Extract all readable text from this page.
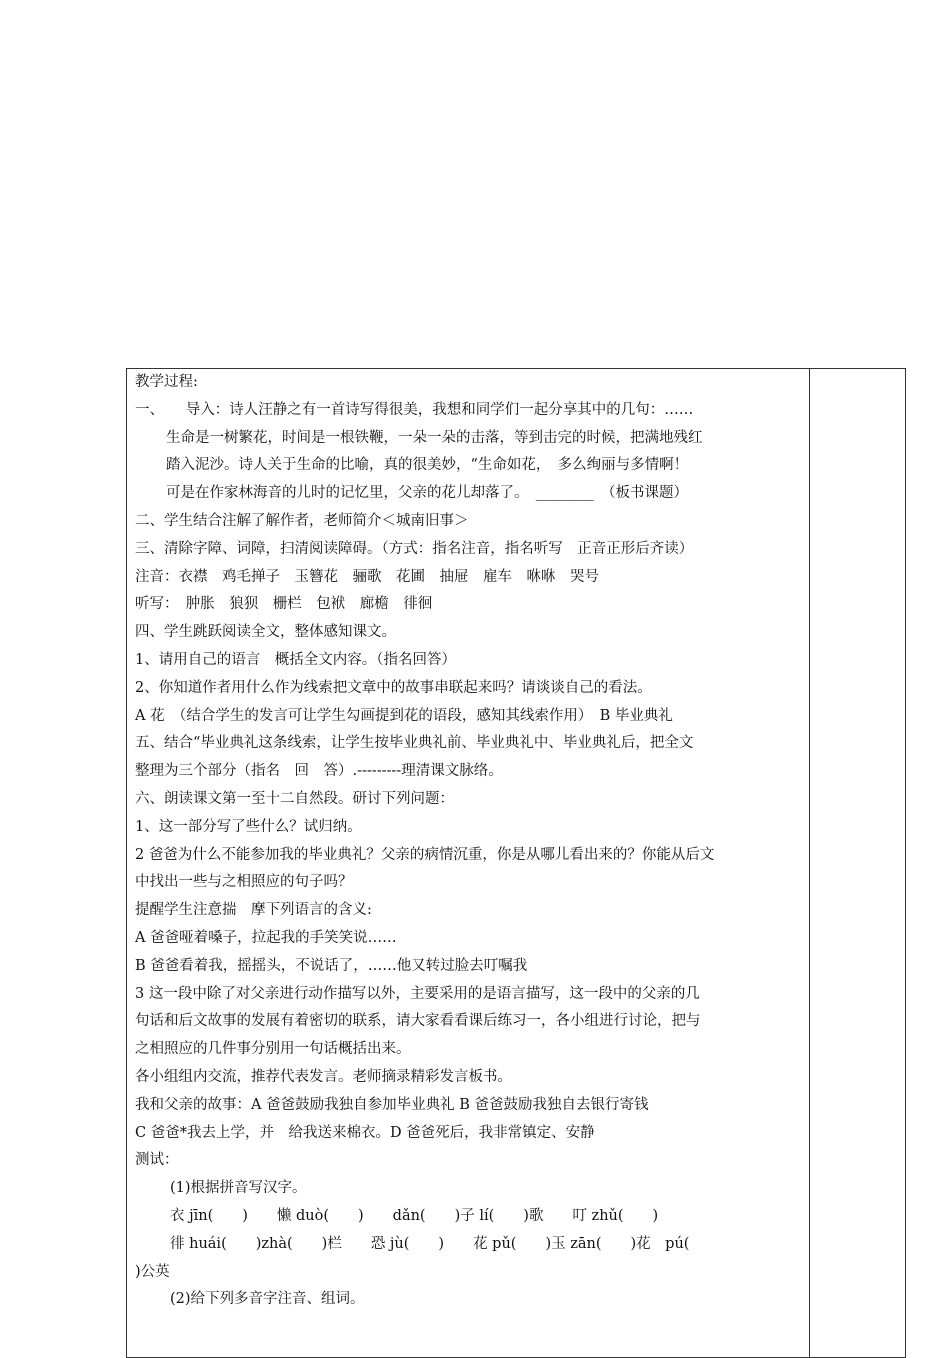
教学过程:
一、　　导入：诗人汪静之有一首诗写得很美，我想和同学们一起分享其中的几句：……
生命是一树繁花，时间是一根铁鞭，一朵一朵的击落，等到击完的时候，把满地残红
踏入泥沙。诗人关于生命的比喻，真的很美妙，“生命如花，　多么绚丽与多情啊！
可是在作家林海音的儿时的记忆里，父亲的花儿却落了。　________　（板书课题）
二、学生结合注解了解作者，老师简介＜城南旧事＞
三、清除字障、词障，扫清阅读障碍。（方式：指名注音，指名听写　正音正形后齐读）
注音：衣襟　鸡毛掸子　玉簪花　骊歌　花圃　抽屉　雇车　咻咻　哭号
听写：　肿胀　狼狈　栅栏　包袱　廊檐　徘徊
四、学生跳跃阅读全文，整体感知课文。
1、请用自己的语言　概括全文内容。（指名回答）
2、你知道作者用什么作为线索把文章中的故事串联起来吗？请谈谈自己的看法。
A 花　（结合学生的发言可让学生勾画提到花的语段，感知其线索作用）　B 毕业典礼
五、结合“毕业典礼这条线索，让学生按毕业典礼前、毕业典礼中、毕业典礼后，把全文
整理为三个部分（指名　回　答）.---------理清课文脉络。
六、朗读课文第一至十二自然段。研讨下列问题：
1、这一部分写了些什么？试归纳。
2 爸爸为什么不能参加我的毕业典礼？父亲的病情沉重，你是从哪儿看出来的？你能从后文
中找出一些与之相照应的句子吗？
提醒学生注意揣　摩下列语言的含义:
A 爸爸哑着嗓子，拉起我的手笑笑说……
B 爸爸看着我，摇摇头，不说话了，……他又转过脸去叮嘱我
3 这一段中除了对父亲进行动作描写以外，主要采用的是语言描写，这一段中的父亲的几
句话和后文故事的发展有着密切的联系，请大家看看课后练习一，各小组进行讨论，把与
之相照应的几件事分别用一句话概括出来。
各小组组内交流，推荐代表发言。老师摘录精彩发言板书。
我和父亲的故事：A 爸爸鼓励我独自参加毕业典礼 B 爸爸鼓励我独自去银行寄钱
C 爸爸*我去上学，并　给我送来棉衣。D 爸爸死后，我非常镇定、安静
测试：
(1)根据拼音写汉字。
衣 jīn(　　)　　懒 duò(　　)　　dǎn(　　)子 lí(　　)歌　　叮 zhǔ(　　)
徘 huái(　　)zhà(　　)栏　　恐 jù(　　)　　花 pǔ(　　)玉 zān(　　)花　pú(
)公英
(2)给下列多音字注音、组词。
